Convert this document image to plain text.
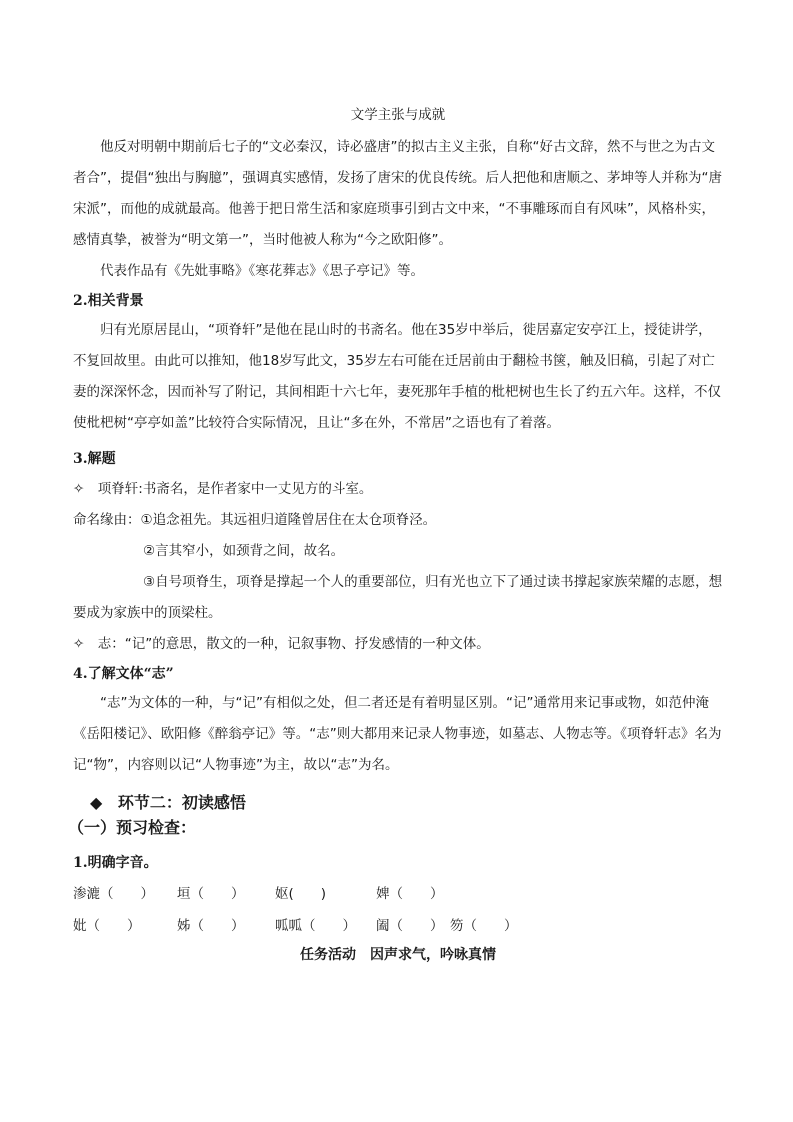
文学主张与成就
他反对明朝中期前后七子的“文必秦汉，诗必盛唐”的拟古主义主张，自称“好古文辞，然不与世之为古文者合”，提倡“独出与胸臆”，强调真实感情，发扬了唐宋的优良传统。后人把他和唐顺之、茅坤等人并称为“唐宋派”，而他的成就最高。他善于把日常生活和家庭琐事引到古文中来，“不事雕琢而自有风味”，风格朴实，感情真挚，被誉为“明文第一”，当时他被人称为“今之欧阳修”。
代表作品有《先妣事略》《寒花葬志》《思子亭记》等。
2.相关背景
归有光原居昆山，“项脊轩”是他在昆山时的书斋名。他在35岁中举后，徙居嘉定安亭江上，授徒讲学，不复回故里。由此可以推知，他18岁写此文，35岁左右可能在迁居前由于翻检书箧，触及旧稿，引起了对亡妻的深深怀念，因而补写了附记，其间相距十六七年，妻死那年手植的枇杷树也生长了约五六年。这样，不仅使枇杷树“亭亭如盖”比较符合实际情况，且让“多在外，不常居”之语也有了着落。
3.解题
✧　项脊轩:书斋名，是作者家中一丈见方的斗室。
命名缘由：①追念祖先。其远祖归道隆曾居住在太仓项脊泾。
②言其窄小，如颈背之间，故名。
③自号项脊生，项脊是撑起一个人的重要部位，归有光也立下了通过读书撑起家族荣耀的志愿，想要成为家族中的顶梁柱。
✧　志：“记”的意思，散文的一种，记叙事物、抒发感情的一种文体。
4.了解文体“志”
“志”为文体的一种，与“记”有相似之处，但二者还是有着明显区别。“记”通常用来记事或物，如范仲淹《岳阳楼记》、欧阳修《醉翁亭记》等。“志”则大都用来记录人物事迹，如墓志、人物志等。《项脊轩志》名为记“物”，内容则以记“人物事迹”为主，故以“志”为名。
◆ 环节二：初读感悟
（一）预习检查：
1.明确字音。
渗漉（　　） 垣（　　） 妪(　　)	婢（　　）
妣（　　）	姊（　　） 呱呱（　　） 阖（　　） 笏（　　）
任务活动　因声求气，吟咏真情
